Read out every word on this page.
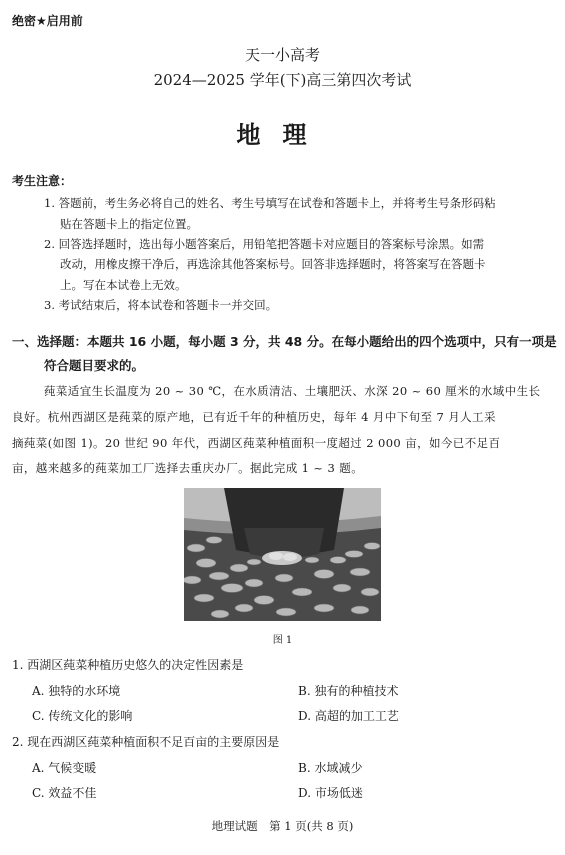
绝密★启用前
天一小高考
2024—2025 学年(下)高三第四次考试
地理
考生注意：
1. 答题前，考生务必将自己的姓名、考生号填写在试卷和答题卡上，并将考生号条形码粘
贴在答题卡上的指定位置。
2. 回答选择题时，选出每小题答案后，用铅笔把答题卡对应题目的答案标号涂黑。如需
改动，用橡皮擦干净后，再选涂其他答案标号。回答非选择题时，将答案写在答题卡
上。写在本试卷上无效。
3. 考试结束后，将本试卷和答题卡一并交回。
一、选择题：本题共 16 小题，每小题 3 分，共 48 分。在每小题给出的四个选项中，只有一项是
符合题目要求的。
莼菜适宜生长温度为 20 ~ 30 ℃，在水质清洁、土壤肥沃、水深 20 ~ 60 厘米的水域中生长
良好。杭州西湖区是莼菜的原产地，已有近千年的种植历史，每年 4 月中下旬至 7 月人工采
摘莼菜(如图 1)。20 世纪 90 年代，西湖区莼菜种植面积一度超过 2 000 亩，如今已不足百
亩，越来越多的莼菜加工厂选择去重庆办厂。据此完成 1 ~ 3 题。
图 1
1. 西湖区莼菜种植历史悠久的决定性因素是
A. 独特的水环境	B. 独有的种植技术
C. 传统文化的影响	D. 高超的加工工艺
2. 现在西湖区莼菜种植面积不足百亩的主要原因是
A. 气候变暖	B. 水域减少
C. 效益不佳	D. 市场低迷
地理试题　第 1 页(共 8 页)
